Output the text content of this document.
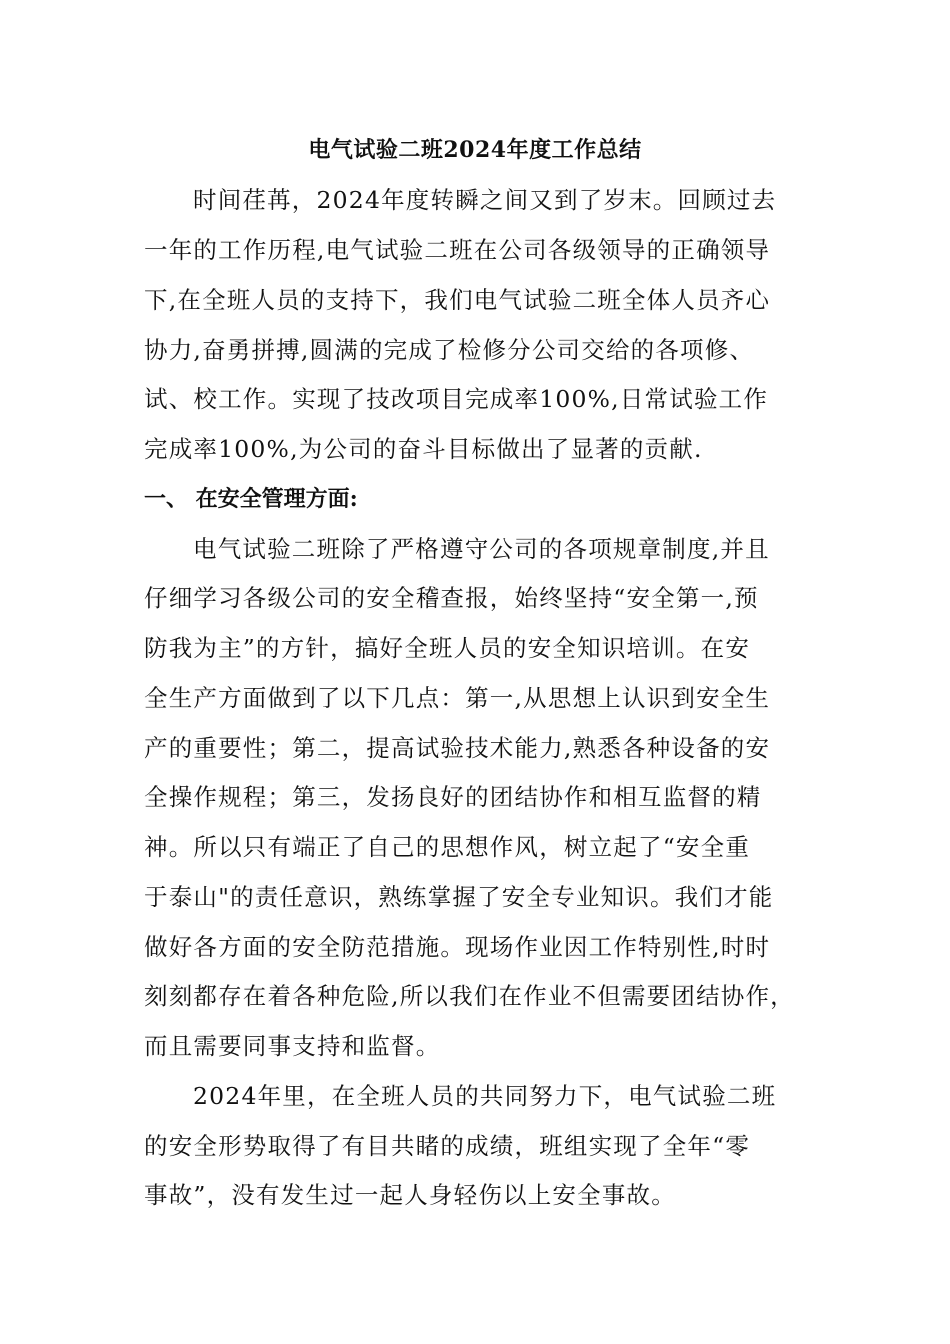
电气试验二班2024年度工作总结
时间荏苒，2024年度转瞬之间又到了岁末。回顾过去
一年的工作历程,电气试验二班在公司各级领导的正确领导
下,在全班人员的支持下，我们电气试验二班全体人员齐心
协力,奋勇拼搏,圆满的完成了检修分公司交给的各项修、
试、校工作。实现了技改项目完成率100%,日常试验工作
完成率100%,为公司的奋斗目标做出了显著的贡献.
一、 在安全管理方面:
电气试验二班除了严格遵守公司的各项规章制度,并且
仔细学习各级公司的安全稽查报，始终坚持“安全第一,预
防我为主”的方针，搞好全班人员的安全知识培训。在安
全生产方面做到了以下几点：第一,从思想上认识到安全生
产的重要性；第二，提高试验技术能力,熟悉各种设备的安
全操作规程；第三，发扬良好的团结协作和相互监督的精
神。所以只有端正了自己的思想作风，树立起了“安全重
于泰山"的责任意识，熟练掌握了安全专业知识。我们才能
做好各方面的安全防范措施。现场作业因工作特别性,时时
刻刻都存在着各种危险,所以我们在作业不但需要团结协作，
而且需要同事支持和监督。
2024年里，在全班人员的共同努力下，电气试验二班
的安全形势取得了有目共睹的成绩，班组实现了全年“零
事故”，没有发生过一起人身轻伤以上安全事故。
